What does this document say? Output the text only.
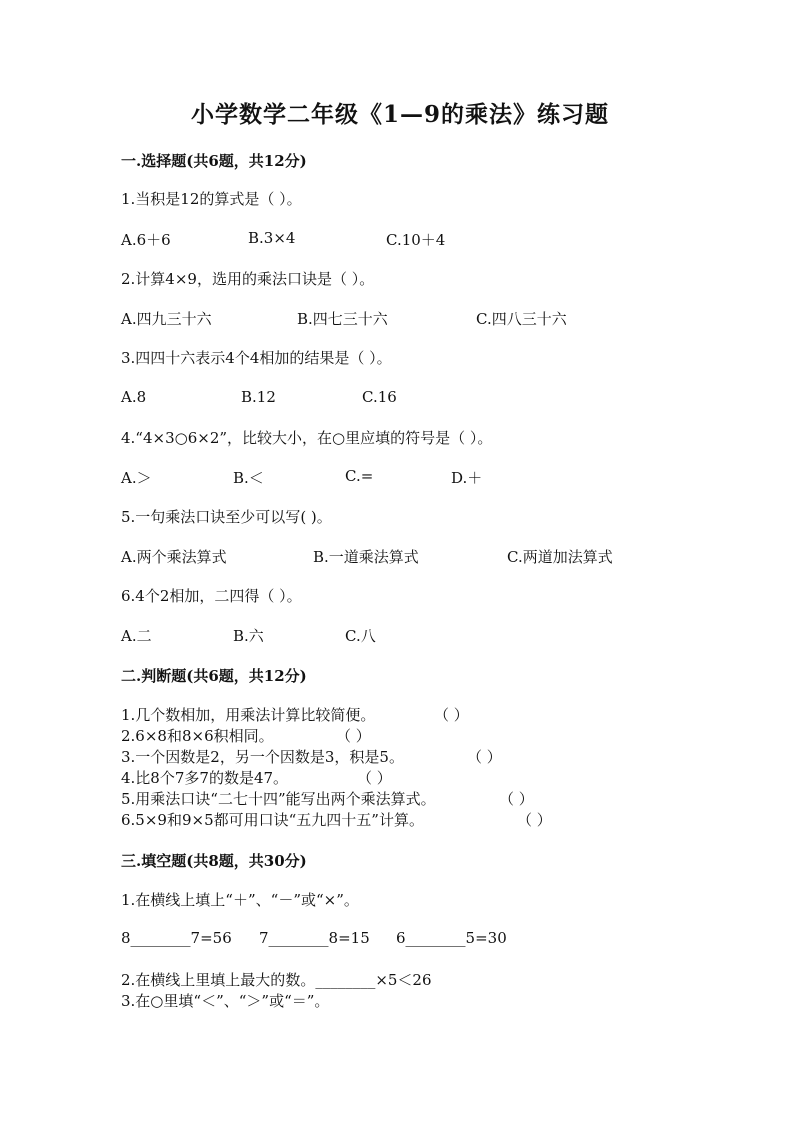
小学数学二年级《1—9的乘法》练习题
一.选择题(共6题，共12分)
1.当积是12的算式是（ ）。
A.6＋6	B.3×4	C.10＋4
2.计算4×9，选用的乘法口诀是（ ）。
A.四九三十六	B.四七三十六	C.四八三十六
3.四四十六表示4个4相加的结果是（ ）。
A.8	B.12	C.16
4.“4×3○6×2”，比较大小，在○里应填的符号是（ ）。
A.＞	B.＜	C.=	D.＋
5.一句乘法口诀至少可以写( )。
A.两个乘法算式	B.一道乘法算式	C.两道加法算式
6.4个2相加，二四得（ ）。
A.二	B.六	C.八
二.判断题(共6题，共12分)
1.几个数相加，用乘法计算比较简便。	（ ）
2.6×8和8×6积相同。	（ ）
3.一个因数是2，另一个因数是3，积是5。	（ ）
4.比8个7多7的数是47。	（ ）
5.用乘法口诀“二七十四”能写出两个乘法算式。	（ ）
6.5×9和9×5都可用口诀“五九四十五”计算。	（ ）
三.填空题(共8题，共30分)
1.在横线上填上“＋”、“－”或“×”。
8________7=56 7________8=15 6________5=30
2.在横线上里填上最大的数。________×5＜26
3.在○里填“＜”、“＞”或“＝”。
